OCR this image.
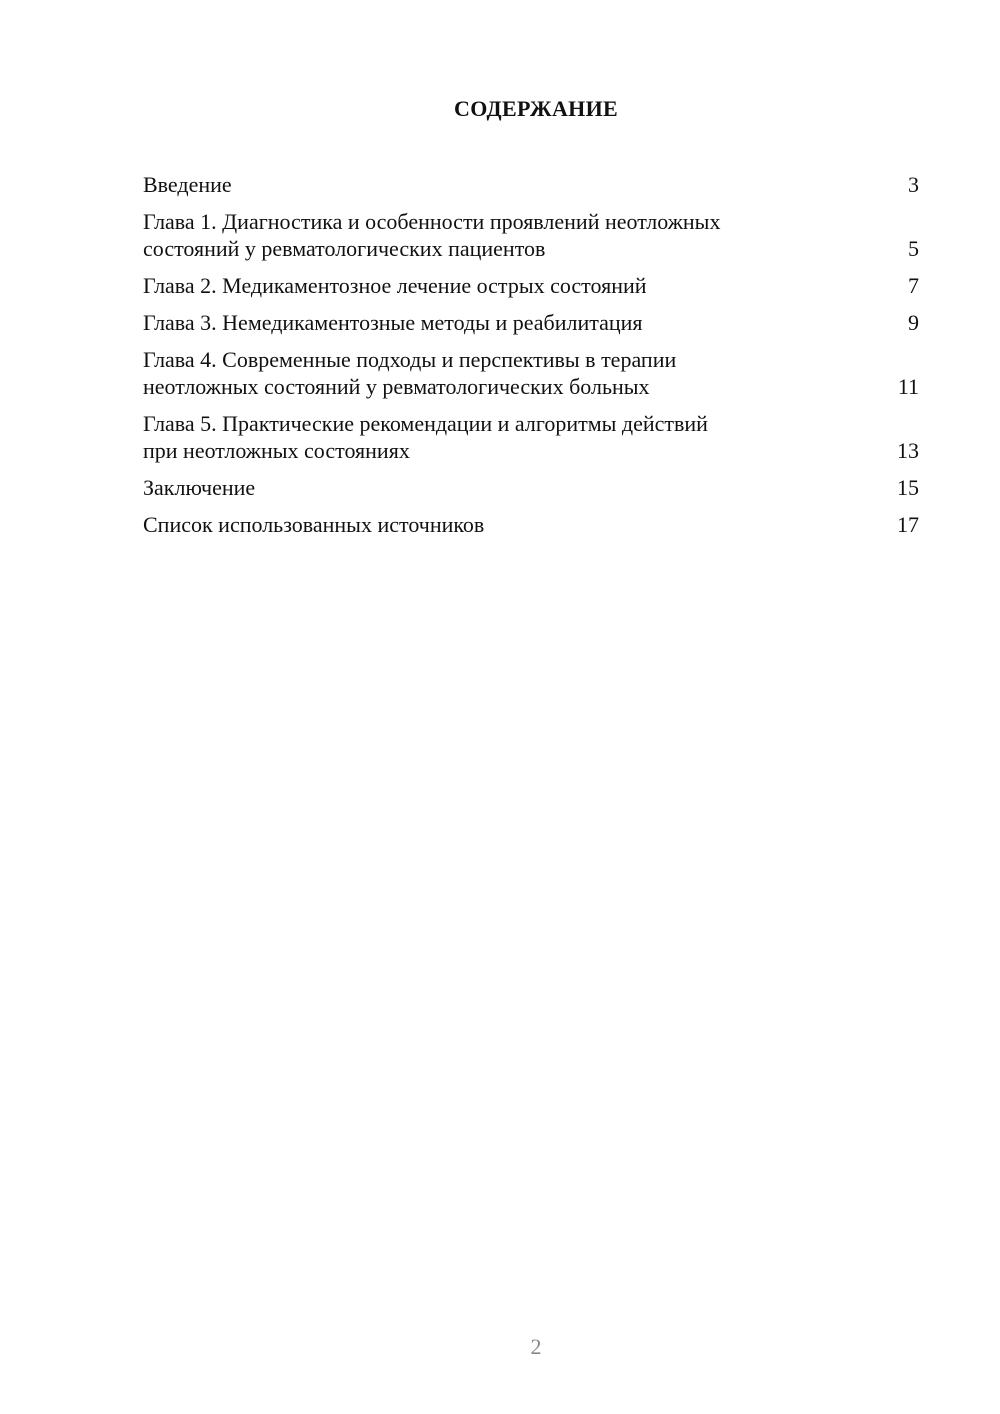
СОДЕРЖАНИЕ
Введение	3
Глава 1. Диагностика и особенности проявлений неотложных
состояний у ревматологических пациентов	5
Глава 2. Медикаментозное лечение острых состояний	7
Глава 3. Немедикаментозные методы и реабилитация	9
Глава 4. Современные подходы и перспективы в терапии
неотложных состояний у ревматологических больных	11
Глава 5. Практические рекомендации и алгоритмы действий
при неотложных состояниях	13
Заключение	15
Список использованных источников	17
2
